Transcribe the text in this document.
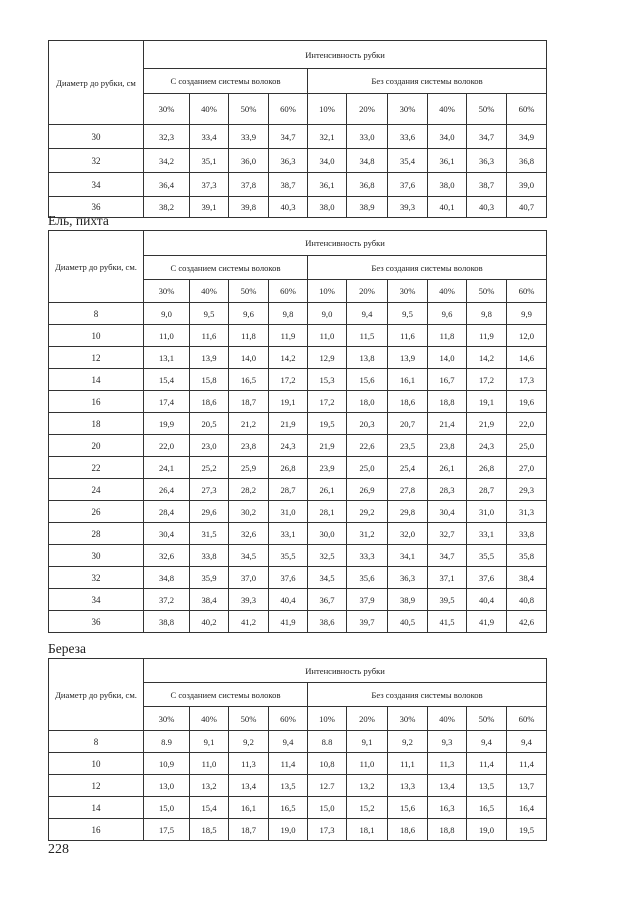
Диаметр до рубки, см	Интенсивность рубки									
	С созданием системы волоков				Без создания системы волоков					
	30%	40%	50%	60%	10%	20%	30%	40%	50%	60%
30	32,3	33,4	33,9	34,7	32,1	33,0	33,6	34,0	34,7	34,9
32	34,2	35,1	36,0	36,3	34,0	34,8	35,4	36,1	36,3	36,8
34	36,4	37,3	37,8	38,7	36,1	36,8	37,6	38,0	38,7	39,0
36	38,2	39,1	39,8	40,3	38,0	38,9	39,3	40,1	40,3	40,7
Ель, пихта
Диаметр до рубки, см.	Интенсивность рубки									
	С созданием системы волоков				Без создания системы волоков					
	30%	40%	50%	60%	10%	20%	30%	40%	50%	60%
8	9,0	9,5	9,6	9,8	9,0	9,4	9,5	9,6	9,8	9,9
10	11,0	11,6	11,8	11,9	11,0	11,5	11,6	11,8	11,9	12,0
12	13,1	13,9	14,0	14,2	12,9	13,8	13,9	14,0	14,2	14,6
14	15,4	15,8	16,5	17,2	15,3	15,6	16,1	16,7	17,2	17,3
16	17,4	18,6	18,7	19,1	17,2	18,0	18,6	18,8	19,1	19,6
18	19,9	20,5	21,2	21,9	19,5	20,3	20,7	21,4	21,9	22,0
20	22,0	23,0	23,8	24,3	21,9	22,6	23,5	23,8	24,3	25,0
22	24,1	25,2	25,9	26,8	23,9	25,0	25,4	26,1	26,8	27,0
24	26,4	27,3	28,2	28,7	26,1	26,9	27,8	28,3	28,7	29,3
26	28,4	29,6	30,2	31,0	28,1	29,2	29,8	30,4	31,0	31,3
28	30,4	31,5	32,6	33,1	30,0	31,2	32,0	32,7	33,1	33,8
30	32,6	33,8	34,5	35,5	32,5	33,3	34,1	34,7	35,5	35,8
32	34,8	35,9	37,0	37,6	34,5	35,6	36,3	37,1	37,6	38,4
34	37,2	38,4	39,3	40,4	36,7	37,9	38,9	39,5	40,4	40,8
36	38,8	40,2	41,2	41,9	38,6	39,7	40,5	41,5	41,9	42,6
Береза
Диаметр до рубки, см.	Интенсивность рубки									
	С созданием системы волоков				Без создания системы волоков					
	30%	40%	50%	60%	10%	20%	30%	40%	50%	60%
8	8.9	9,1	9,2	9,4	8.8	9,1	9,2	9,3	9,4	9,4
10	10,9	11,0	11,3	11,4	10,8	11,0	11,1	11,3	11,4	11,4
12	13,0	13,2	13,4	13,5	12.7	13,2	13,3	13,4	13,5	13,7
14	15,0	15,4	16,1	16,5	15,0	15,2	15,6	16,3	16,5	16,4
16	17,5	18,5	18,7	19,0	17,3	18,1	18,6	18,8	19,0	19,5
228
